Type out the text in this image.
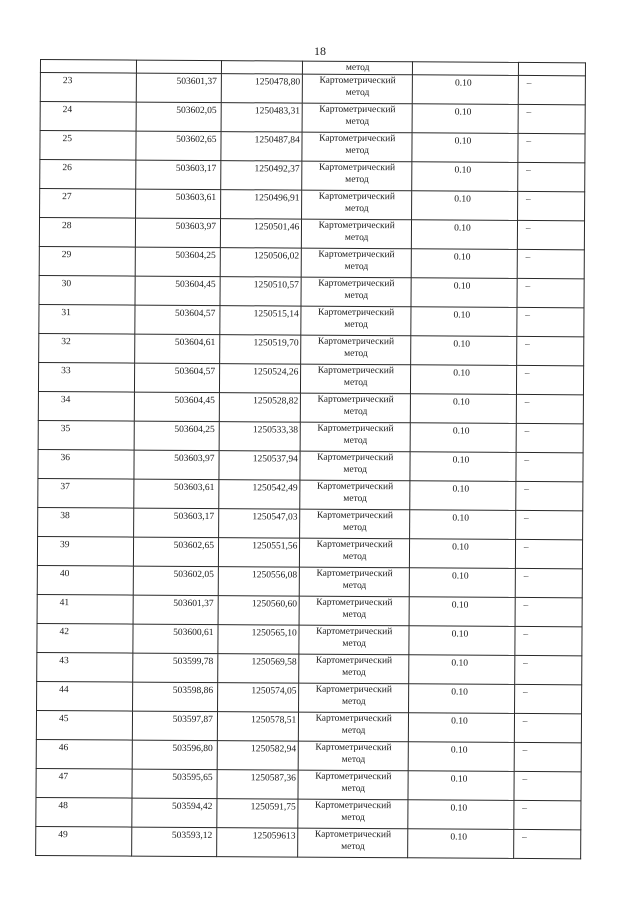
18

			метод		

23	503601,37	1250478,80	Картометрический
метод	0.10	–

24	503602,05	1250483,31	Картометрический
метод	0.10	–

25	503602,65	1250487,84	Картометрический
метод	0.10	–

26	503603,17	1250492,37	Картометрический
метод	0.10	–

27	503603,61	1250496,91	Картометрический
метод	0.10	–

28	503603,97	1250501,46	Картометрический
метод	0.10	–

29	503604,25	1250506,02	Картометрический
метод	0.10	–

30	503604,45	1250510,57	Картометрический
метод	0.10	–

31	503604,57	1250515,14	Картометрический
метод	0.10	–

32	503604,61	1250519,70	Картометрический
метод	0.10	–

33	503604,57	1250524,26	Картометрический
метод	0.10	–

34	503604,45	1250528,82	Картометрический
метод	0.10	–

35	503604,25	1250533,38	Картометрический
метод	0.10	–

36	503603,97	1250537,94	Картометрический
метод	0.10	–

37	503603,61	1250542,49	Картометрический
метод	0.10	–

38	503603,17	1250547,03	Картометрический
метод	0.10	–

39	503602,65	1250551,56	Картометрический
метод	0.10	–

40	503602,05	1250556,08	Картометрический
метод	0.10	–

41	503601,37	1250560,60	Картометрический
метод	0.10	–

42	503600,61	1250565,10	Картометрический
метод	0.10	–

43	503599,78	1250569,58	Картометрический
метод	0.10	–

44	503598,86	1250574,05	Картометрический
метод	0.10	–

45	503597,87	1250578,51	Картометрический
метод	0.10	–

46	503596,80	1250582,94	Картометрический
метод	0.10	–

47	503595,65	1250587,36	Картометрический
метод	0.10	–

48	503594,42	1250591,75	Картометрический
метод	0.10	–

49	503593,12	125059613	Картометрический
метод	0.10	–
